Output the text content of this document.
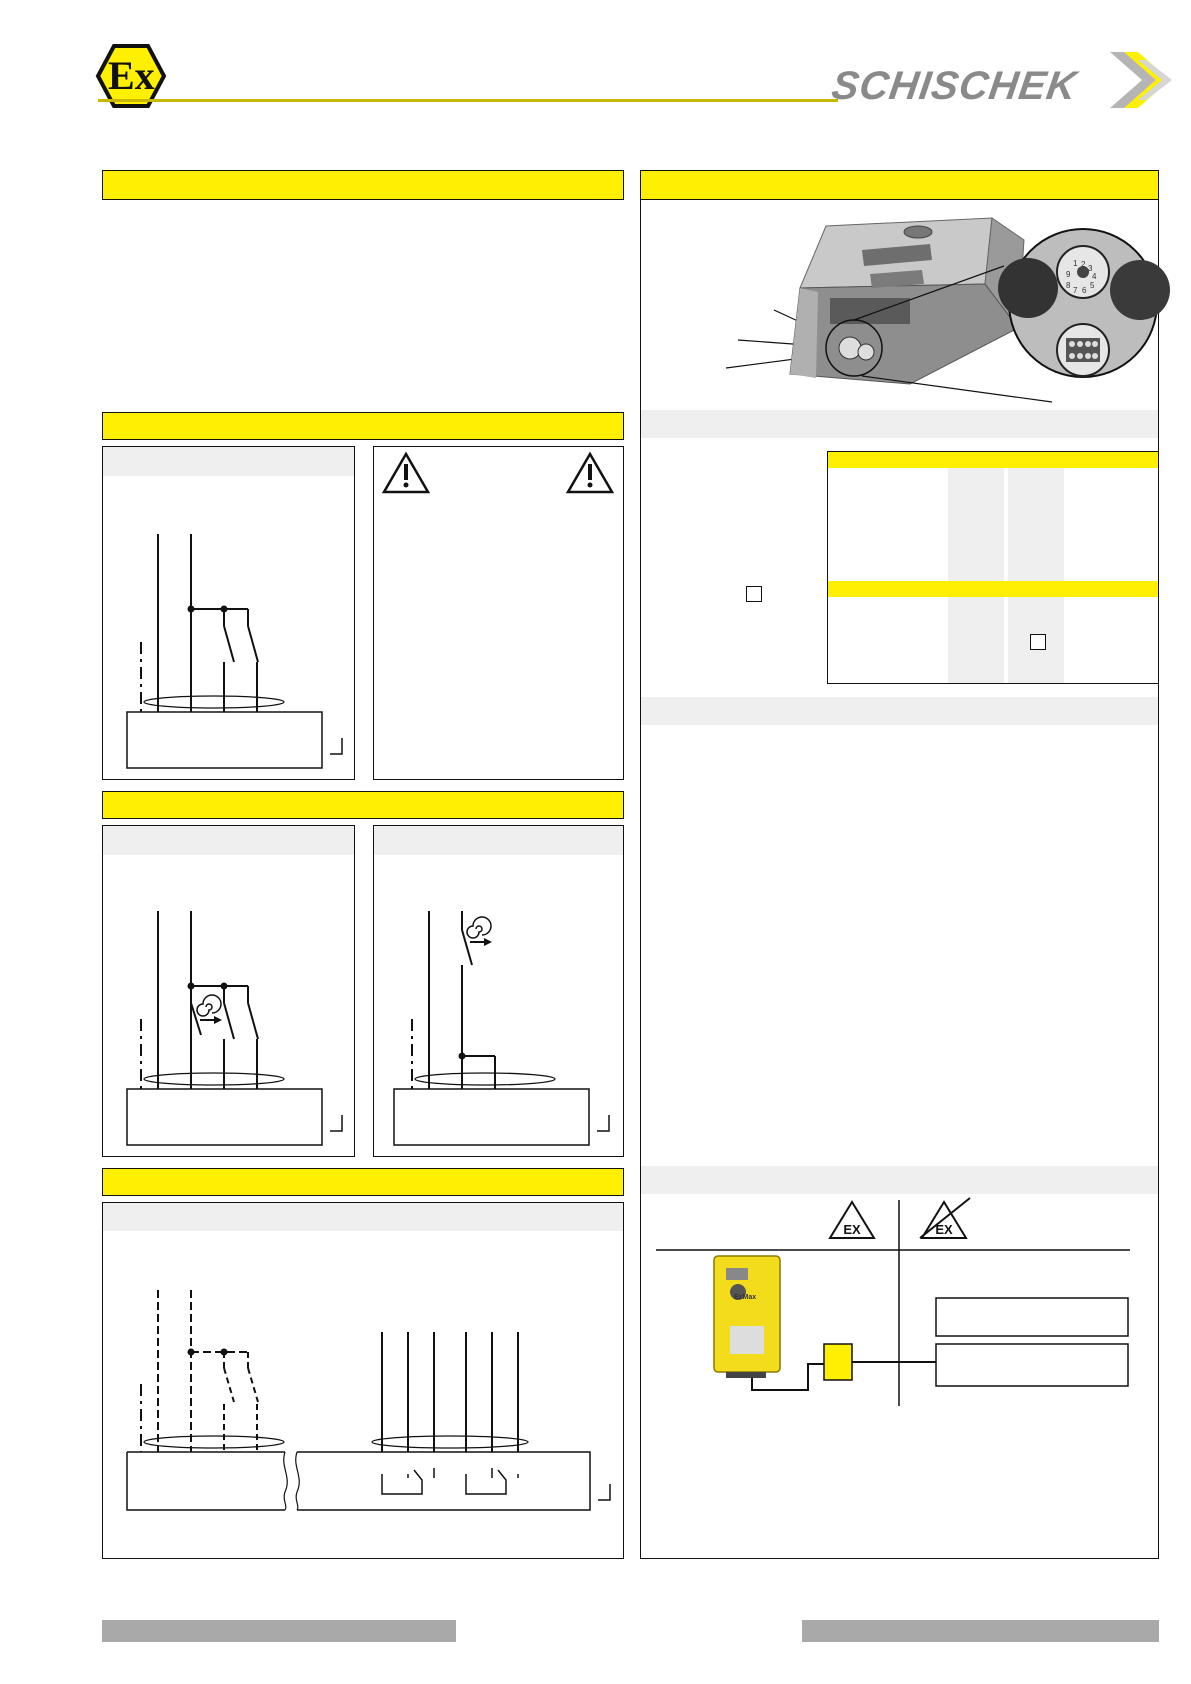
Ex	SCHISCHEK
1 2 3
4
5
6
7
8
9
EX	EX
ExMax
